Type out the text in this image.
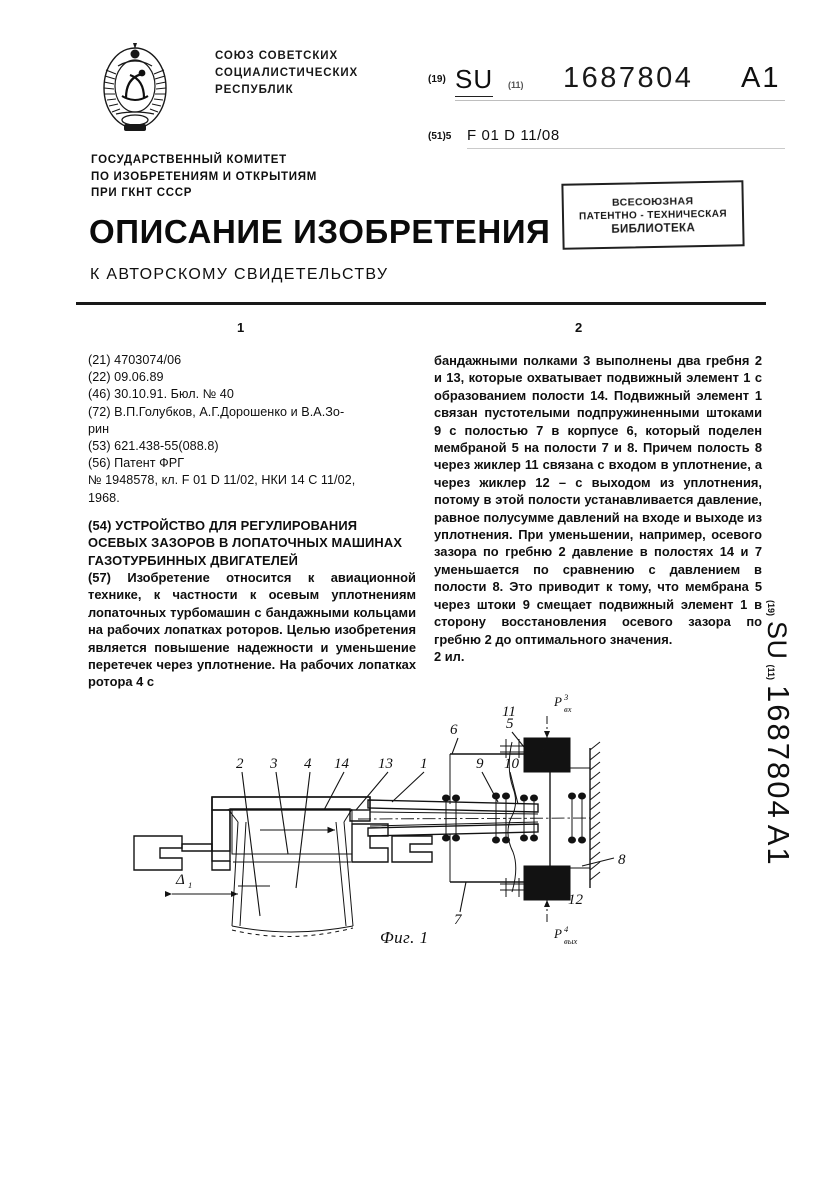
СОЮЗ СОВЕТСКИХ
СОЦИАЛИСТИЧЕСКИХ
РЕСПУБЛИК
(19) SU (11) 1687804 A1
(51)5 F 01 D 11/08
ГОСУДАРСТВЕННЫЙ КОМИТЕТ
ПО ИЗОБРЕТЕНИЯМ И ОТКРЫТИЯМ
ПРИ ГКНТ СССР
ВСЕСОЮЗНАЯ
ПАТЕНТНО - ТЕХНИЧЕСКАЯ
БИБЛИОТЕКА
ОПИСАНИЕ ИЗОБРЕТЕНИЯ
К АВТОРСКОМУ СВИДЕТЕЛЬСТВУ
1	2

(21) 4703074/06

(22) 09.06.89

(46) 30.10.91. Бюл. № 40

(72) В.П.Голубков, А.Г.Дорошенко и В.А.Зо-

рин

(53) 621.438-55(088.8)

(56) Патент ФРГ

№ 1948578, кл. F 01 D 11/02, НКИ 14 С 11/02,

1968.

(54) УСТРОЙСТВО ДЛЯ РЕГУЛИРОВАНИЯ ОСЕВЫХ ЗАЗОРОВ В ЛОПАТОЧНЫХ МАШИНАХ ГАЗОТУРБИННЫХ ДВИГАТЕЛЕЙ

(57) Изобретение относится к авиационной технике, к частности к осевым уплотнениям лопаточных турбомашин с бандажными кольцами на рабочих лопатках роторов. Целью изобретения является повышение надежности и уменьшение перетечек через уплотнение. На рабочих лопатках ротора 4 с

бандажными полками 3 выполнены два гребня 2 и 13, которые охватывает подвижный элемент 1 с образованием полости 14. Подвижный элемент 1 связан пустотелыми подпружиненными штоками 9 с полостью 7 в корпусе 6, который поделен мембраной 5 на полости 7 и 8. Причем полость 8 через жиклер 11 связана с входом в уплотнение, а через жиклер 12 – с выходом из уплотнения, потому в этой полости устанавливается давление, равное полусумме давлений на входе и выходе из уплотнения. При уменьшении, например, осевого зазора по гребню 2 давление в полостях 14 и 7 уменьшается по сравнению с давлением в полости 8. Это приводит к тому, что мембрана 5 через штоки 9 смещает подвижный элемент 1 в сторону восстановления осевого зазора по гребню 2 до оптимального значения.

2 ил.

(19)
SU
(11)
1687804
A1
2 3 4 14 13 1	9 10
6	5
11
7
12
8
Δ 1
Р 3
вх
Р 4
вых
Фиг. 1
